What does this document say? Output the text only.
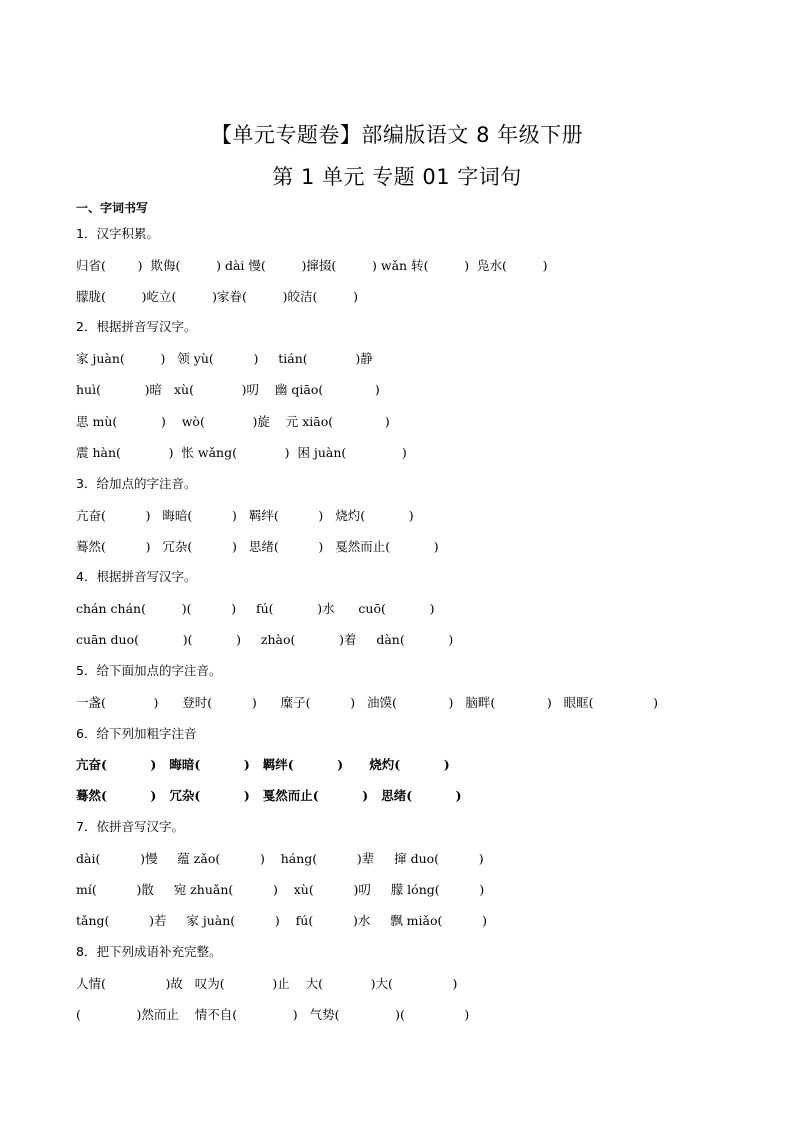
【单元专题卷】部编版语文 8 年级下册
第 1 单元 专题 01 字词句
一、字词书写
1．汉字积累。
归省(        )  欺侮(         ) dài 慢(         )撺掇(         ) wǎn 转(         )  凫水(         )
朦胧(         )屹立(         )家眷(         )皎洁(         )
2．根据拼音写汉字。
家 juàn(         )   领 yù(          )     tián(            )静
huì(           )暗   xù(            )叨    幽 qiāo(             )
思 mù(           )    wò(            )旋    元 xiāo(             )
震 hàn(            )  怅 wǎng(            )  困 juàn(              )
3．给加点的字注音。
亢奋(          )   晦暗(          )   羁绊(          )   烧灼(           )
蓦然(          )   冗杂(          )   思绪(          )   戛然而止(           )
4．根据拼音写汉字。
chán chán(         )(          )     fú(           )水      cuō(           )
cuān duo(           )(           )     zhào(           )着     dàn(           )
5．给下面加点的字注音。
一盏(            )      登时(          )      糜子(          )   油馍(             )   脑畔(             )   眼眶(               )
6．给下列加粗字注音
亢奋(          )   晦暗(          )   羁绊(          )      烧灼(          )
蓦然(          )   冗杂(          )   戛然而止(          )   思绪(          )
7．依拼音写汉字。
dài(          )慢     蕴 zǎo(          )    háng(          )辈     撺 duo(          )
mí(          )散     宛 zhuǎn(          )    xù(          )叨     朦 lóng(          )
tǎng(          )若     家 juàn(          )    fú(          )水     飘 miǎo(          )
8．把下列成语补充完整。
人情(               )故   叹为(            )止    大(            )大(               )
(              )然而止    情不自(              )   气势(              )(               )
